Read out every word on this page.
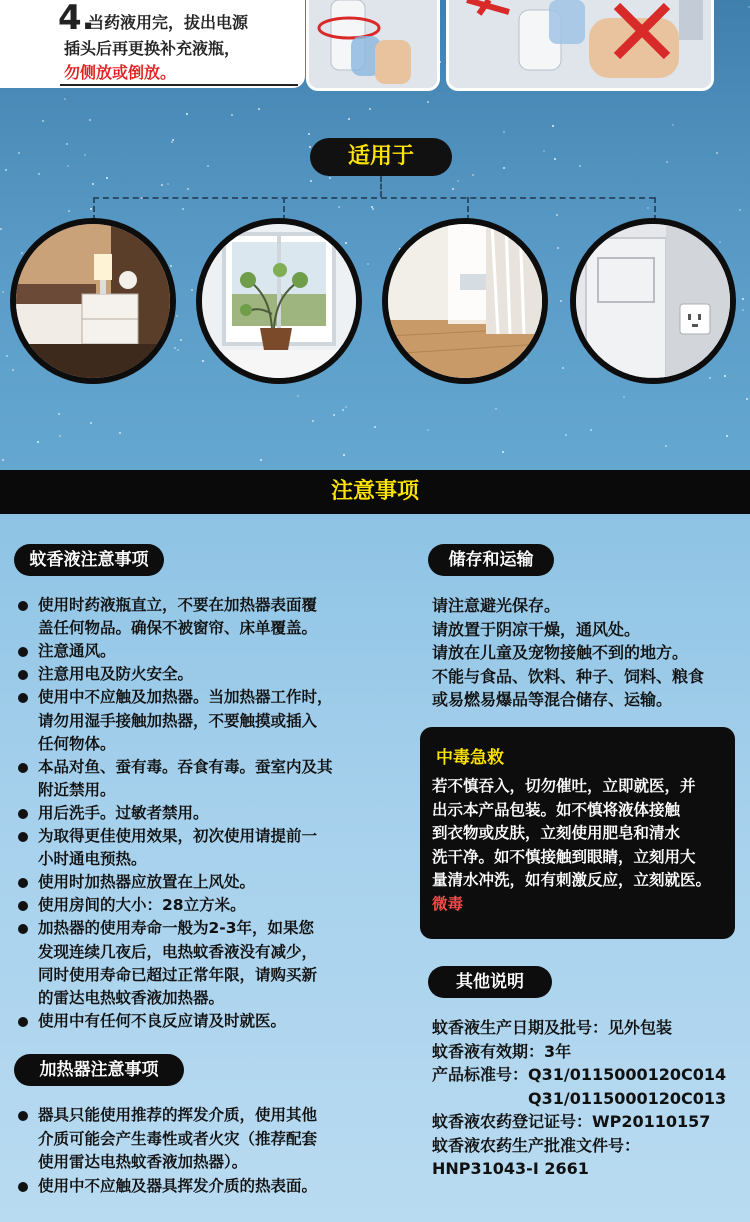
4.
当药液用完，拔出电源
插头后再更换补充液瓶，
勿侧放或倒放。
适用于
注意事项
蚊香液注意事项
使用时药液瓶直立，不要在加热器表面覆
盖任何物品。确保不被窗帘、床单覆盖。
注意通风。
注意用电及防火安全。
使用中不应触及加热器。当加热器工作时，
请勿用湿手接触加热器，不要触摸或插入
任何物体。
本品对鱼、蚕有毒。吞食有毒。蚕室内及其
附近禁用。
用后洗手。过敏者禁用。
为取得更佳使用效果，初次使用请提前一
小时通电预热。
使用时加热器应放置在上风处。
使用房间的大小：28立方米。
加热器的使用寿命一般为2-3年，如果您
发现连续几夜后，电热蚊香液没有减少，
同时使用寿命已超过正常年限，请购买新
的雷达电热蚊香液加热器。
使用中有任何不良反应请及时就医。
加热器注意事项
器具只能使用推荐的挥发介质，使用其他
介质可能会产生毒性或者火灾（推荐配套
使用雷达电热蚊香液加热器）。
使用中不应触及器具挥发介质的热表面。
储存和运输
请注意避光保存。
请放置于阴凉干燥，通风处。
请放在儿童及宠物接触不到的地方。
不能与食品、饮料、种子、饲料、粮食
或易燃易爆品等混合储存、运输。
其他说明
蚊香液生产日期及批号：见外包装
蚊香液有效期：3年
产品标准号：Q31/0115000120C014
　　　　　　Q31/0115000120C013
蚊香液农药登记证号：WP20110157
蚊香液农药生产批准文件号：
HNP31043-I 2661
中毒急救
若不慎吞入，切勿催吐，立即就医，并
出示本产品包装。如不慎将液体接触
到衣物或皮肤，立刻使用肥皂和清水
洗干净。如不慎接触到眼睛，立刻用大
量清水冲洗，如有刺激反应，立刻就医。
微毒
